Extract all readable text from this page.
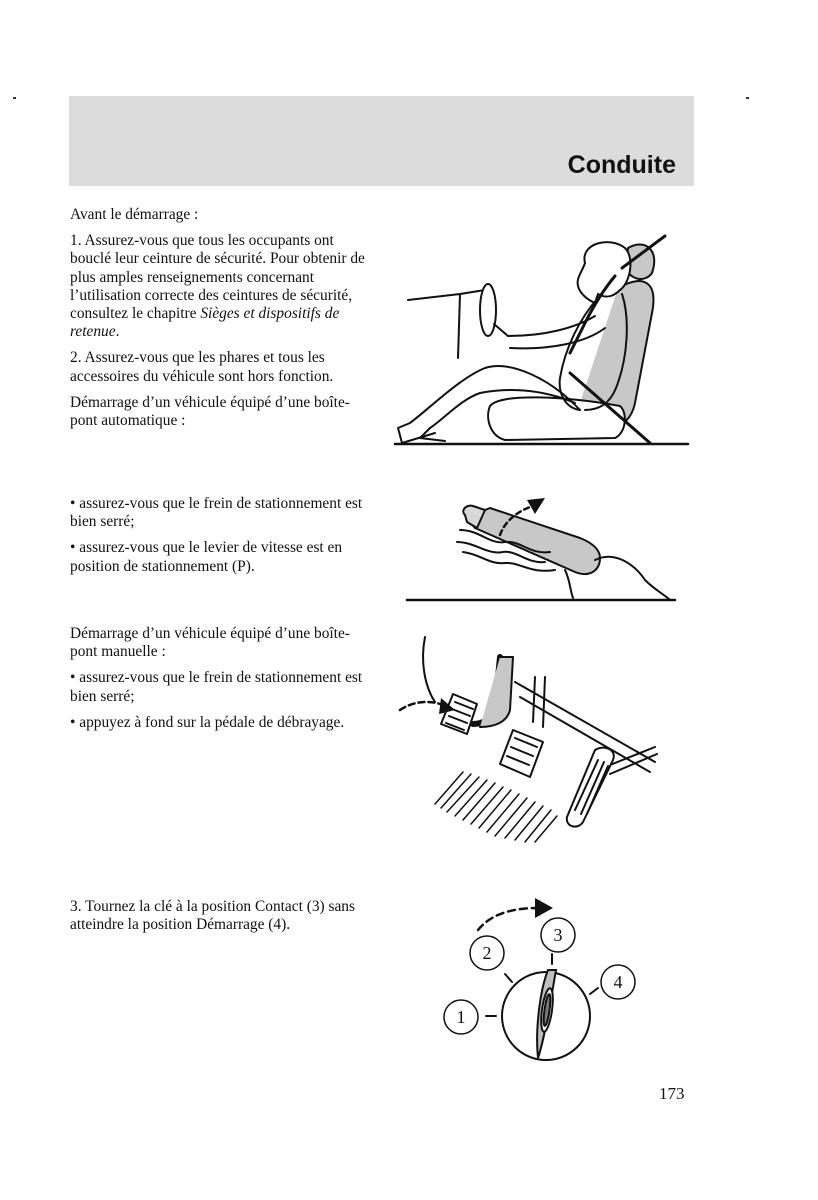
Conduite

Avant le démarrage :

1. Assurez-vous que tous les occupants ont bouclé leur ceinture de sécurité. Pour obtenir de plus amples renseignements concernant l’utilisation correcte des ceintures de sécurité, consultez le chapitre Sièges et dispositifs de retenue.

2. Assurez-vous que les phares et tous les accessoires du véhicule sont hors fonction.

Démarrage d’un véhicule équipé d’une boîte-pont automatique :

• assurez-vous que le frein de stationnement est bien serré;

• assurez-vous que le levier de vitesse est en position de stationnement (P).

Démarrage d’un véhicule équipé d’une boîte-pont manuelle :

• assurez-vous que le frein de stationnement est bien serré;

• appuyez à fond sur la pédale de débrayage.

3. Tournez la clé à la position Contact (3) sans atteindre la position Démarrage (4).

1
2
3
4
173
